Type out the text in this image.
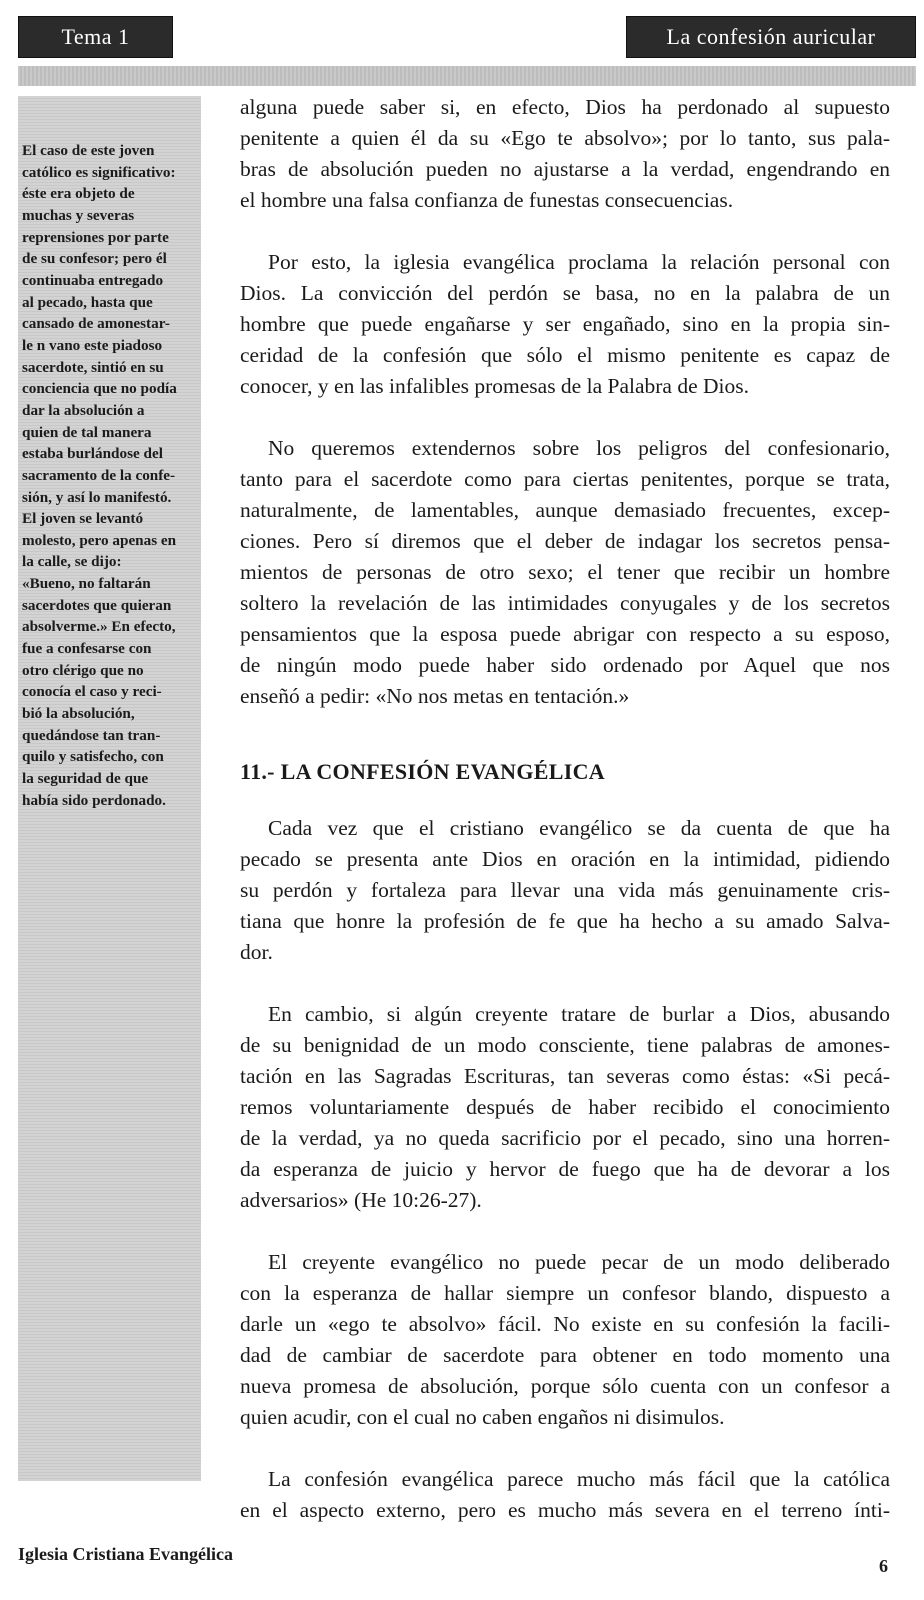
Tema 1	La confesión auricular
El caso de este joven
católico es significativo:
éste era objeto de
muchas y severas
reprensiones por parte
de su confesor; pero él
continuaba entregado
al pecado, hasta que
cansado de amonestar-
le n vano este piadoso
sacerdote, sintió en su
conciencia que no podía
dar la absolución a
quien de tal manera
estaba burlándose del
sacramento de la confe-
sión, y así lo manifestó.
El joven se levantó
molesto, pero apenas en
la calle, se dijo:
«Bueno, no faltarán
sacerdotes que quieran
absolverme.» En efecto,
fue a confesarse con
otro clérigo que no
conocía el caso y reci-
bió la absolución,
quedándose tan tran-
quilo y satisfecho, con
la seguridad de que
había sido perdonado.
alguna puede saber si, en efecto, Dios ha perdonado al supuesto
penitente a quien él da su «Ego te absolvo»; por lo tanto, sus pala-
bras de absolución pueden no ajustarse a la verdad, engendrando en
el hombre una falsa confianza de funestas consecuencias.
Por esto, la iglesia evangélica proclama la relación personal con
Dios. La convicción del perdón se basa, no en la palabra de un
hombre que puede engañarse y ser engañado, sino en la propia sin-
ceridad de la confesión que sólo el mismo penitente es capaz de
conocer, y en las infalibles promesas de la Palabra de Dios.
No queremos extendernos sobre los peligros del confesionario,
tanto para el sacerdote como para ciertas penitentes, porque se trata,
naturalmente, de lamentables, aunque demasiado frecuentes, excep-
ciones. Pero sí diremos que el deber de indagar los secretos pensa-
mientos de personas de otro sexo; el tener que recibir un hombre
soltero la revelación de las intimidades conyugales y de los secretos
pensamientos que la esposa puede abrigar con respecto a su esposo,
de ningún modo puede haber sido ordenado por Aquel que nos
enseñó a pedir: «No nos metas en tentación.»
11.- LA CONFESIÓN EVANGÉLICA
Cada vez que el cristiano evangélico se da cuenta de que ha
pecado se presenta ante Dios en oración en la intimidad, pidiendo
su perdón y fortaleza para llevar una vida más genuinamente cris-
tiana que honre la profesión de fe que ha hecho a su amado Salva-
dor.
En cambio, si algún creyente tratare de burlar a Dios, abusando
de su benignidad de un modo consciente, tiene palabras de amones-
tación en las Sagradas Escrituras, tan severas como éstas: «Si pecá-
remos voluntariamente después de haber recibido el conocimiento
de la verdad, ya no queda sacrificio por el pecado, sino una horren-
da esperanza de juicio y hervor de fuego que ha de devorar a los
adversarios» (He 10:26-27).
El creyente evangélico no puede pecar de un modo deliberado
con la esperanza de hallar siempre un confesor blando, dispuesto a
darle un «ego te absolvo» fácil. No existe en su confesión la facili-
dad de cambiar de sacerdote para obtener en todo momento una
nueva promesa de absolución, porque sólo cuenta con un confesor a
quien acudir, con el cual no caben engaños ni disimulos.
La confesión evangélica parece mucho más fácil que la católica
en el aspecto externo, pero es mucho más severa en el terreno ínti-
Iglesia Cristiana Evangélica
6
